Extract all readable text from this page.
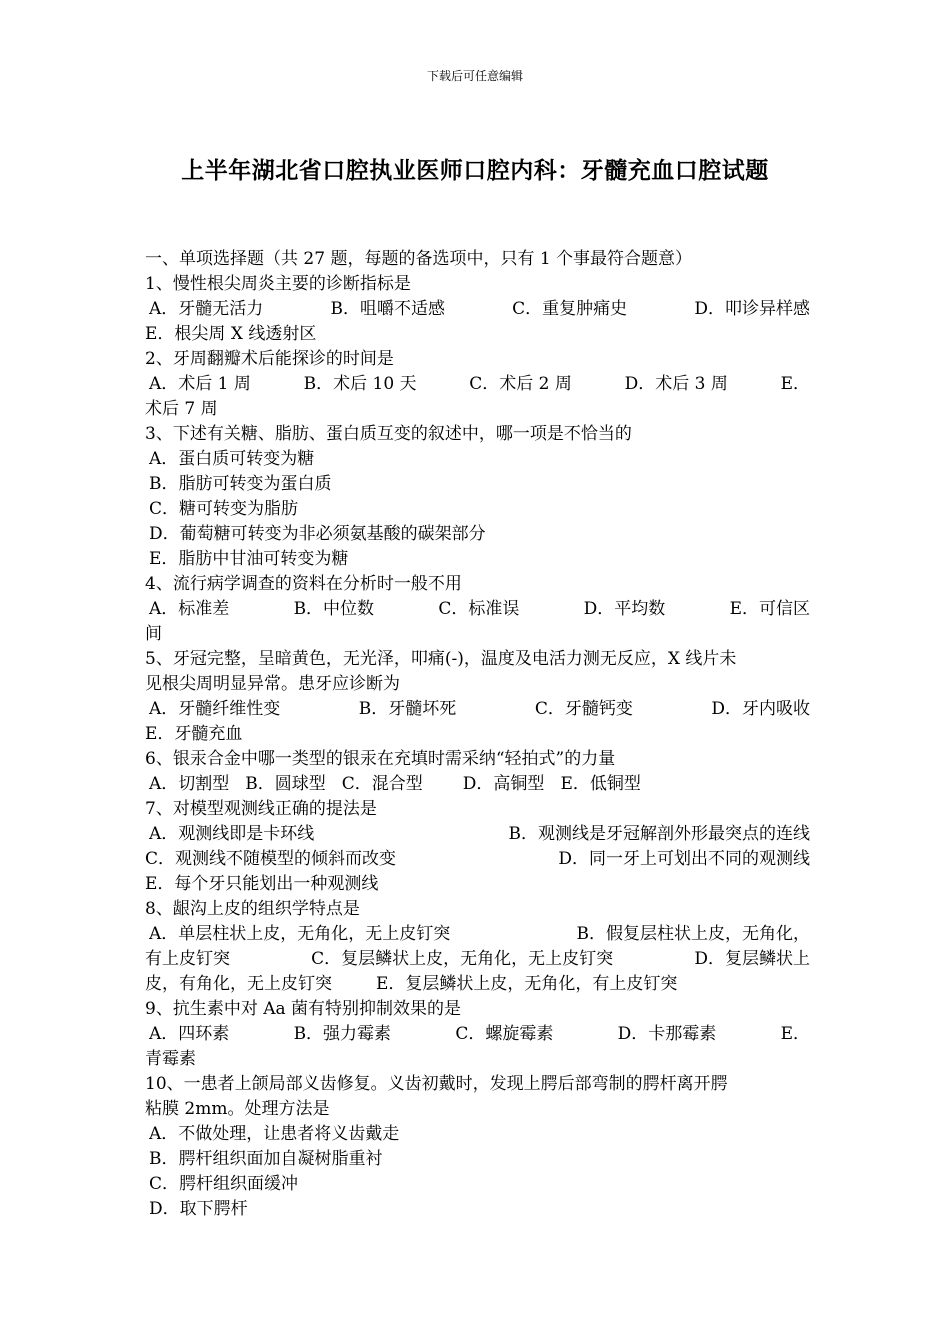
下载后可任意编辑
上半年湖北省口腔执业医师口腔内科：牙髓充血口腔试题
一、单项选择题（共 27 题，每题的备选项中，只有 1 个事最符合题意）
1、慢性根尖周炎主要的诊断指标是
A．牙髓无活力	B．咀嚼不适感	C．重复肿痛史	D．叩诊异样感
E．根尖周 X 线透射区
2、牙周翻瓣术后能探诊的时间是
A．术后 1 周	B．术后 10 天	C．术后 2 周	D．术后 3 周	E．
术后 7 周
3、下述有关糖、脂肪、蛋白质互变的叙述中，哪一项是不恰当的
A．蛋白质可转变为糖
B．脂肪可转变为蛋白质
C．糖可转变为脂肪
D．葡萄糖可转变为非必须氨基酸的碳架部分
E．脂肪中甘油可转变为糖
4、流行病学调查的资料在分析时一般不用
A．标准差	B．中位数	C．标准误	D．平均数	E．可信区
间
5、牙冠完整，呈暗黄色，无光泽，叩痛(-)，温度及电活力测无反应，X 线片未
见根尖周明显异常。患牙应诊断为
A．牙髓纤维性变	B．牙髓坏死	C．牙髓钙变	D．牙内吸收
E．牙髓充血
6、银汞合金中哪一类型的银汞在充填时需采纳“轻拍式”的力量
A．切割型 B．圆球型 C．混合型 D．高铜型 E．低铜型
7、对模型观测线正确的提法是
A．观测线即是卡环线	B．观测线是牙冠解剖外形最突点的连线
C．观测线不随模型的倾斜而改变	D．同一牙上可划出不同的观测线
E．每个牙只能划出一种观测线
8、龈沟上皮的组织学特点是
A．单层柱状上皮，无角化，无上皮钉突	B．假复层柱状上皮，无角化，
有上皮钉突	C．复层鳞状上皮，无角化，无上皮钉突	D．复层鳞状上
皮，有角化，无上皮钉突	E．复层鳞状上皮，无角化，有上皮钉突
9、抗生素中对 Aa 菌有特别抑制效果的是
A．四环素	B．强力霉素	C．螺旋霉素	D．卡那霉素	E．
青霉素
10、一患者上颌局部义齿修复。义齿初戴时，发现上腭后部弯制的腭杆离开腭
粘膜 2mm。处理方法是
A．不做处理，让患者将义齿戴走
B．腭杆组织面加自凝树脂重衬
C．腭杆组织面缓冲
D．取下腭杆
